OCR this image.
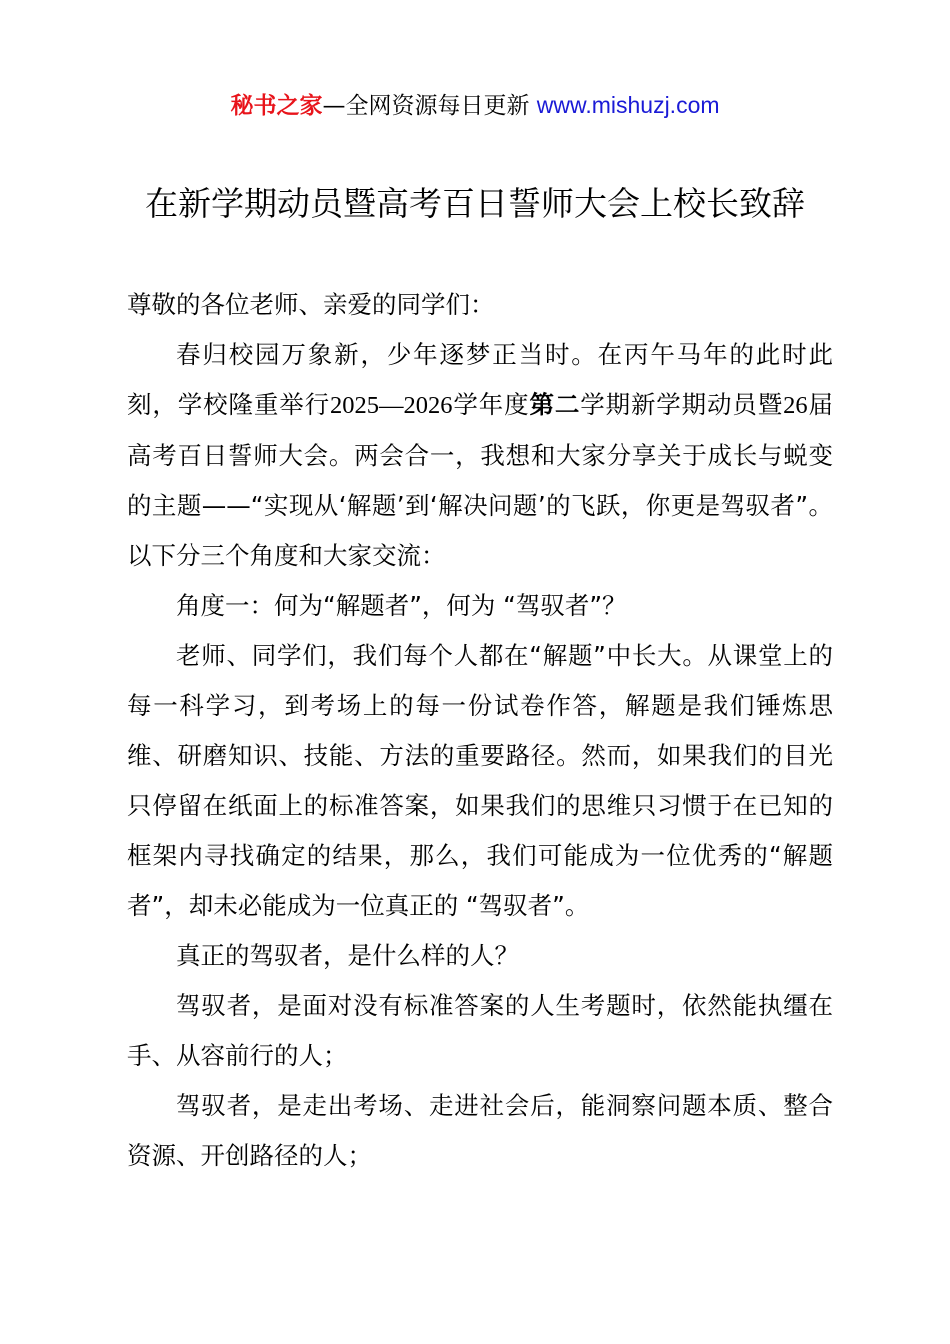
秘书之家—全网资源每日更新 www.mishuzj.com
在新学期动员暨高考百日誓师大会上校长致辞

尊敬的各位老师、亲爱的同学们：

春归校园万象新，少年逐梦正当时。在丙午马年的此时此刻，学校隆重举行2025—2026学年度第二学期新学期动员暨26届高考百日誓师大会。两会合一，我想和大家分享关于成长与蜕变的主题——“实现从‘解题’到‘解决问题’的飞跃，你更是驾驭者”。以下分三个角度和大家交流：

角度一：何为“解题者”，何为 “驾驭者”？

老师、同学们，我们每个人都在“解题”中长大。从课堂上的每一科学习，到考场上的每一份试卷作答，解题是我们锤炼思维、研磨知识、技能、方法的重要路径。然而，如果我们的目光只停留在纸面上的标准答案，如果我们的思维只习惯于在已知的框架内寻找确定的结果，那么，我们可能成为一位优秀的“解题者”，却未必能成为一位真正的 “驾驭者”。

真正的驾驭者，是什么样的人？

驾驭者，是面对没有标准答案的人生考题时，依然能执缰在手、从容前行的人；

驾驭者，是走出考场、走进社会后，能洞察问题本质、整合资源、开创路径的人；
